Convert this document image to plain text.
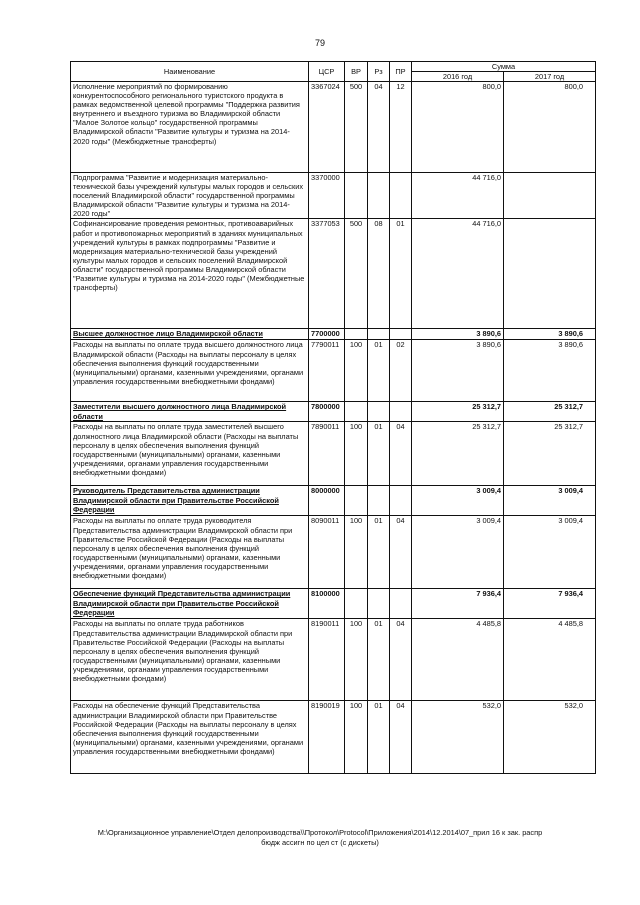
79
Наименование	ЦСР	ВР	Рз	ПР	Сумма	
					2016 год	2017 год
Исполнение мероприятий по формированию конкурентоспособного регионального туристского продукта в рамках ведомственной целевой программы "Поддержка развития внутреннего и въездного туризма во Владимирской области "Малое Золотое кольцо" государственной программы Владимирской области "Развитие культуры и туризма на 2014-2020 годы" (Межбюджетные трансферты)	3367024	500	04	12	800,0	800,0
Подпрограмма "Развитие и модернизация материально-технической базы учреждений культуры малых городов и сельских поселений Владимирской области" государственной программы Владимирской области "Развитие культуры и туризма на 2014-2020 годы"	3370000				44 716,0	
Софинансирование проведения ремонтных, противоаварийных работ и противопожарных мероприятий в зданиях муниципальных учреждений культуры в рамках подпрограммы "Развитие и модернизация материально-технической базы учреждений культуры малых городов и сельских поселений Владимирской области" государственной программы Владимирской области "Развитие культуры и туризма на 2014-2020 годы" (Межбюджетные трансферты)	3377053	500	08	01	44 716,0	
Высшее должностное лицо Владимирской области	7700000				3 890,6	3 890,6
Расходы на выплаты по оплате труда высшего должностного лица Владимирской области (Расходы на выплаты персоналу в целях обеспечения выполнения функций государственными (муниципальными) органами, казенными учреждениями, органами управления государственными внебюджетными фондами)	7790011	100	01	02	3 890,6	3 890,6
Заместители высшего должностного лица Владимирской области	7800000				25 312,7	25 312,7
Расходы на выплаты по оплате труда заместителей высшего должностного лица Владимирской области (Расходы на выплаты персоналу в целях обеспечения выполнения функций государственными (муниципальными) органами, казенными учреждениями, органами управления государственными внебюджетными фондами)	7890011	100	01	04	25 312,7	25 312,7
Руководитель Представительства администрации Владимирской области при Правительстве Российской Федерации	8000000				3 009,4	3 009,4
Расходы на выплаты по оплате труда руководителя Представительства администрации Владимирской области при Правительстве Российской Федерации (Расходы на выплаты персоналу в целях обеспечения выполнения функций государственными (муниципальными) органами, казенными учреждениями, органами управления государственными внебюджетными фондами)	8090011	100	01	04	3 009,4	3 009,4
Обеспечение функций Представительства администрации Владимирской области при Правительстве Российской Федерации	8100000				7 936,4	7 936,4
Расходы на выплаты по оплате труда работников Представительства администрации Владимирской области при Правительстве Российской Федерации (Расходы на выплаты персоналу в целях обеспечения выполнения функций государственными (муниципальными) органами, казенными учреждениями, органами управления государственными внебюджетными фондами)	8190011	100	01	04	4 485,8	4 485,8
Расходы на обеспечение функций Представительства администрации Владимирской области при Правительстве Российской Федерации (Расходы на выплаты персоналу в целях обеспечения выполнения функций государственными (муниципальными) органами, казенными учреждениями, органами управления государственными внебюджетными фондами)	8190019	100	01	04	532,0	532,0
М:\Организационное управление\Отдел делопроизводства\\Протокол\Protocol\Приложения\2014\12.2014\07_прил 16 к зак. распр
бюдж ассигн по цел ст (с дискеты)
